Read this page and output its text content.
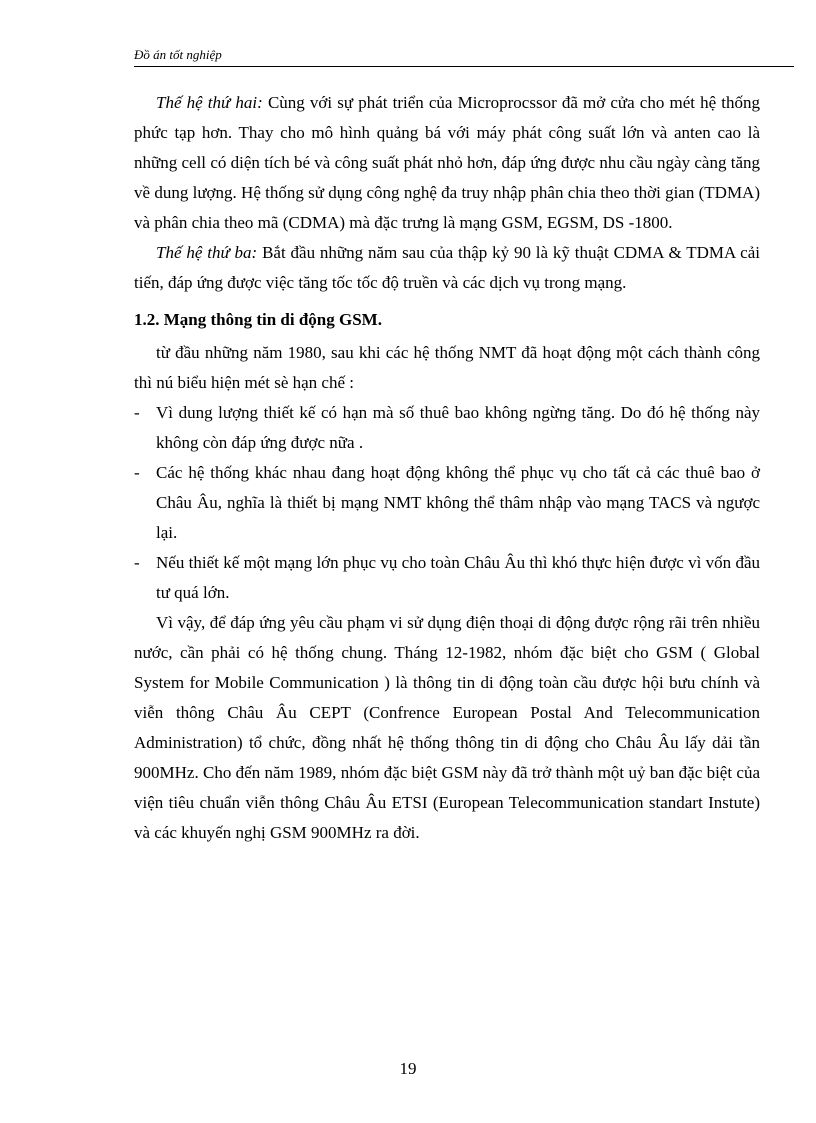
Đồ án tốt nghiệp

Thế hệ thứ hai: Cùng với sự phát triển của Microprocssor đã mở cửa cho mét hệ thống phức tạp hơn. Thay cho mô hình quảng bá với máy phát công suất lớn và anten cao là những cell có diện tích bé và công suất phát nhỏ hơn, đáp ứng được nhu cầu ngày càng tăng về dung lượng. Hệ thống sử dụng công nghệ đa truy nhập phân chia theo thời gian (TDMA) và phân chia theo mã (CDMA) mà đặc trưng là mạng GSM, EGSM, DS -1800.

Thế hệ thứ ba: Bắt đầu những năm sau của thập kỷ 90 là kỹ thuật CDMA & TDMA cải tiến, đáp ứng được việc tăng tốc tốc độ truền và các dịch vụ trong mạng.

1.2. Mạng thông tin di động GSM.

từ đầu những năm 1980, sau khi các hệ thống NMT đã hoạt động một cách thành công thì nú biểu hiện mét sè hạn chế :

- Vì dung lượng thiết kế có hạn mà số thuê bao không ngừng tăng. Do đó hệ thống này không còn đáp ứng được nữa .
- Các hệ thống khác nhau đang hoạt động không thể phục vụ cho tất cả các thuê bao ở Châu Âu, nghĩa là thiết bị mạng NMT không thể thâm nhập vào mạng TACS và ngược lại.
- Nếu thiết kế một mạng lớn phục vụ cho toàn Châu Âu thì khó thực hiện được vì vốn đầu tư quá lớn.

Vì vậy, để đáp ứng yêu cầu phạm vi sử dụng điện thoại di động được rộng rãi trên nhiều nước, cần phải có hệ thống chung. Tháng 12-1982, nhóm đặc biệt cho GSM ( Global System for Mobile Communication ) là thông tin di động toàn cầu được hội bưu chính và viễn thông Châu Âu CEPT (Confrence European Postal And Telecommunication Administration) tổ chức, đồng nhất hệ thống thông tin di động cho Châu Âu lấy dải tần 900MHz. Cho đến năm 1989, nhóm đặc biệt GSM này đã trở thành một uỷ ban đặc biệt của viện tiêu chuẩn viễn thông Châu Âu ETSI (European Telecommunication standart Instute) và các khuyến nghị GSM 900MHz ra đời.

19
